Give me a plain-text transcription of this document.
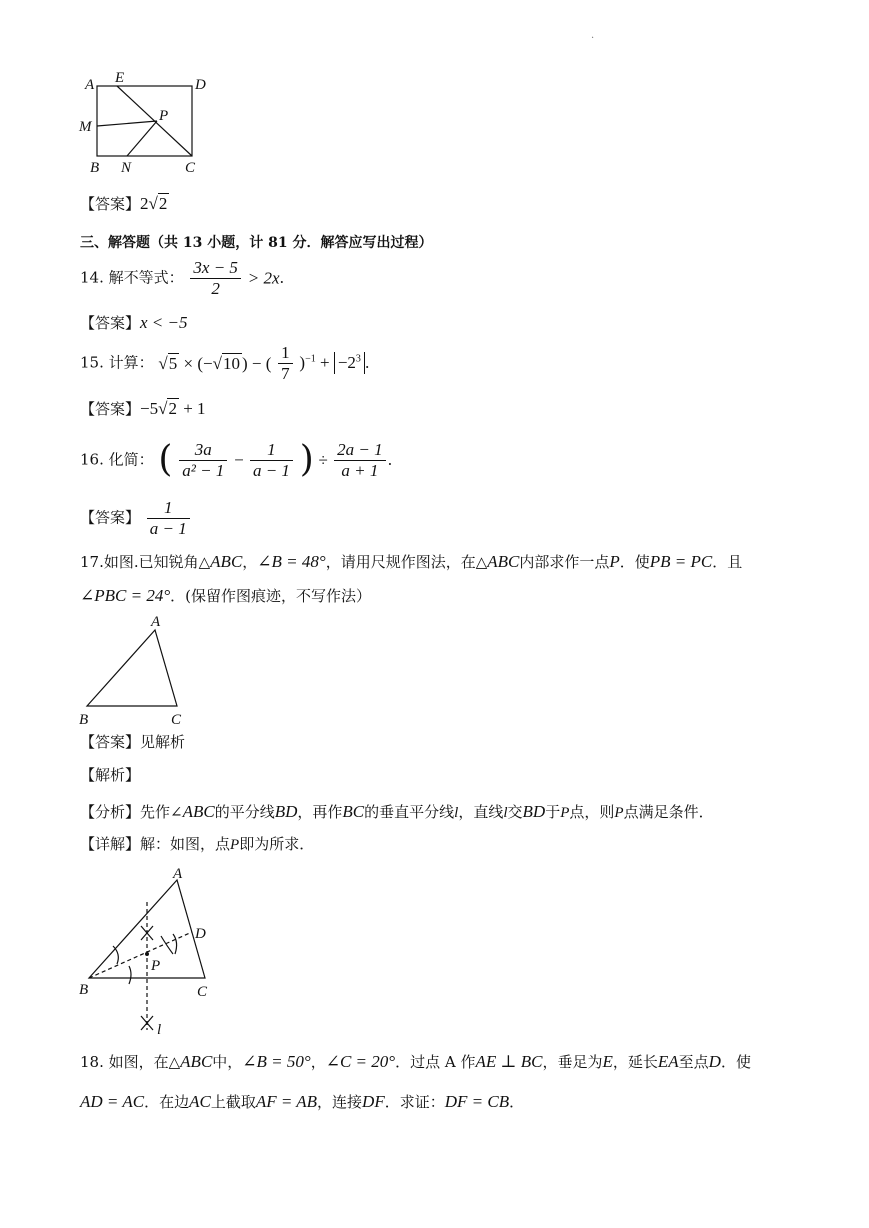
.
A E	D
M
P
B N	C
【答案】2√2
三、解答题（共 13 小题，计 81 分．解答应写出过程）
14. 解不等式： $\frac{3x - 5}{2} > 2x$．
【答案】x < −5
15. 计算： √5 × (−√10 ) − ( $\frac{1}{7} )^{-1} + -2^3$ ．
【答案】−5√2 + 1
16. 化简： ( $\frac{3a}{\text{a² − 1}} - \frac{1}{a - 1}$ ) ÷ $\frac{2a - 1}{a + 1}$ ．
【答案】 $\frac{1}{a - 1}$
17.如图.已知锐角△ABC，∠B = 48°，请用尺规作图法，在△ABC内部求作一点P．使PB = PC．且
∠PBC = 24°．(保留作图痕迹，不写作法）
A
B	C
【答案】见解析
【解析】
【分析】先作∠ABC的平分线BD，再作BC的垂直平分线l，直线l交BD于P点，则P点满足条件．
【详解】解：如图，点P即为所求．
A
B	C
D
P
l
18. 如图，在△ABC中，∠B = 50°，∠C = 20°．过点 A 作AE ⊥ BC，垂足为E，延长EA至点D．使
AD = AC．在边AC上截取AF = AB，连接DF．求证：DF = CB．
